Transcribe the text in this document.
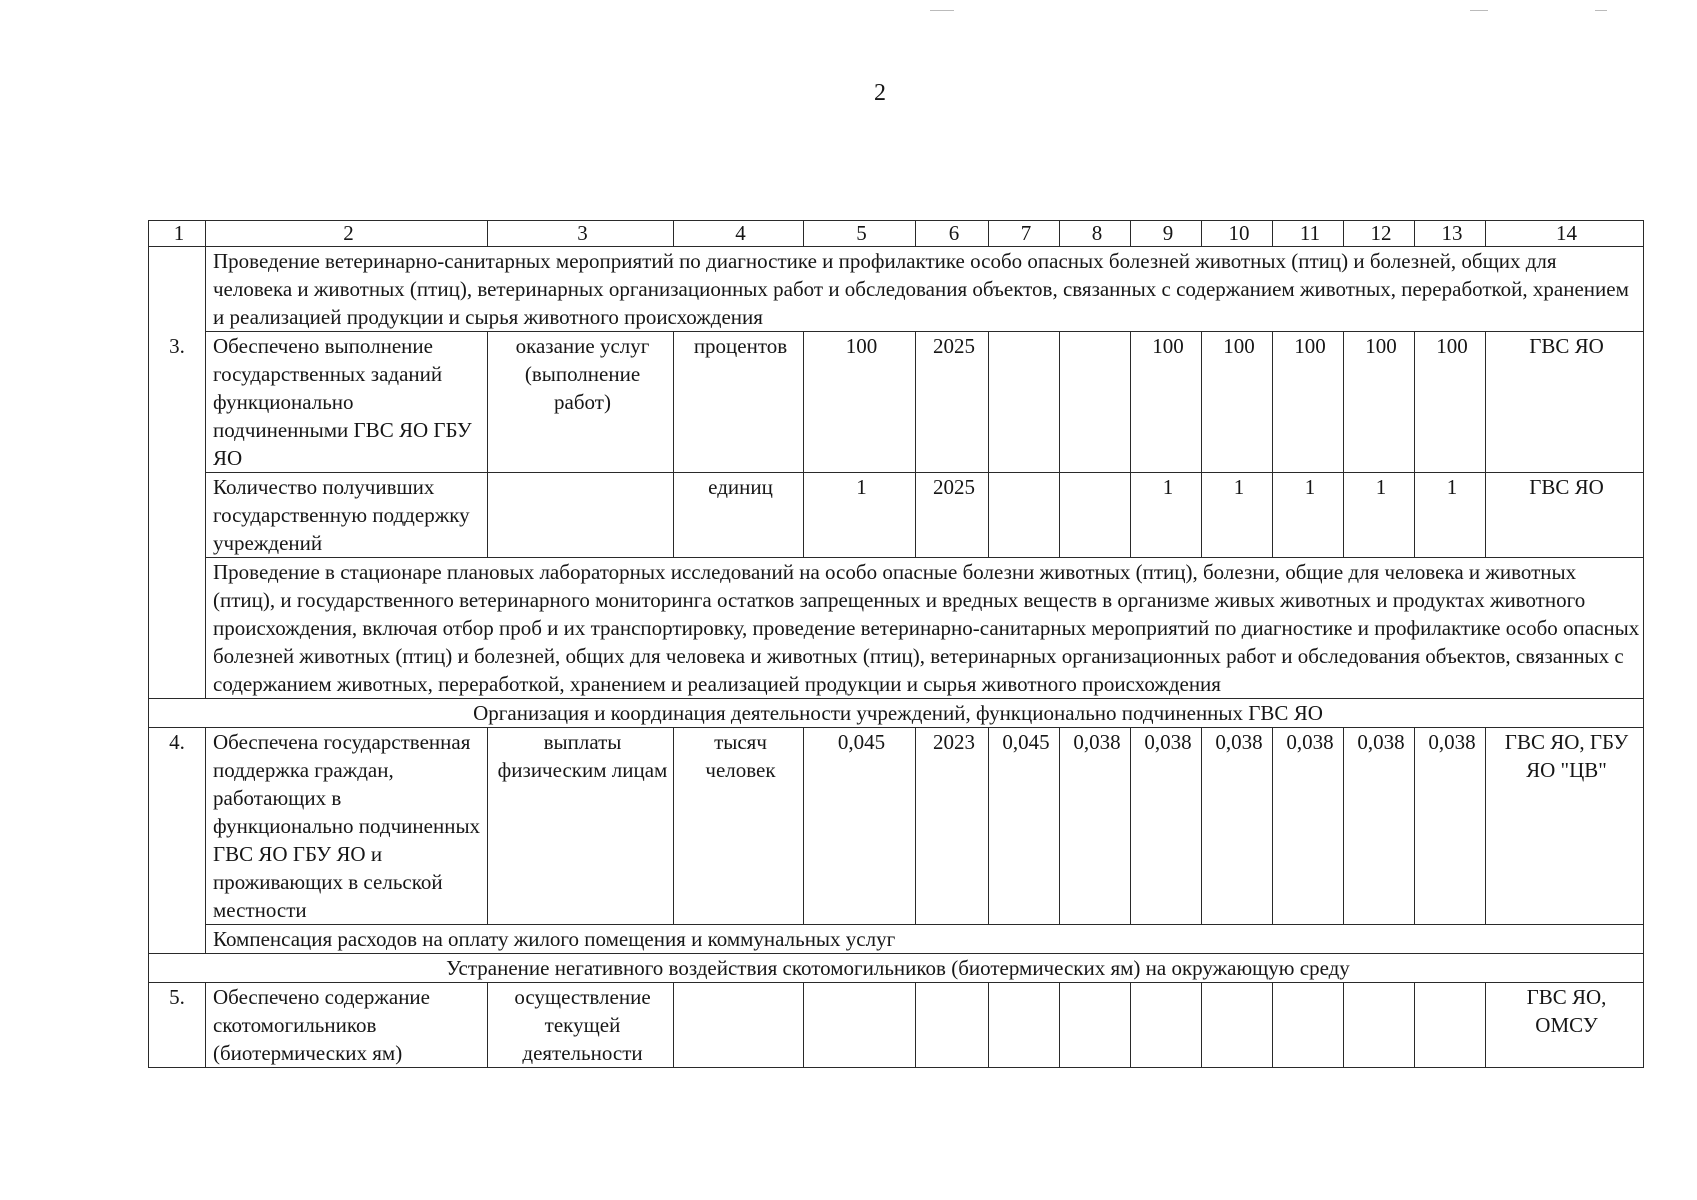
2
1	2	3	4	5	6	7	8	9	10	11	12	13	14
	Проведение ветеринарно-санитарных мероприятий по диагностике и профилактике особо опасных болезней животных (птиц) и болезней, общих для человека и животных (птиц), ветеринарных организационных работ и обследования объектов, связанных с содержанием животных, переработкой, хранением и реализацией продукции и сырья животного происхождения												
3.	Обеспечено выполнение государственных заданий функционально подчиненными ГВС ЯО ГБУ ЯО	оказание услуг (выполнение работ)	процентов	100	2025			100	100	100	100	100	ГВС ЯО
	Количество получивших государственную поддержку учреждений		единиц	1	2025			1	1	1	1	1	ГВС ЯО
	Проведение в стационаре плановых лабораторных исследований на особо опасные болезни животных (птиц), болезни, общие для человека и животных (птиц), и государственного ветеринарного мониторинга остатков запрещенных и вредных веществ в организме живых животных и продуктах животного происхождения, включая отбор проб и их транспортировку, проведение ветеринарно-санитарных мероприятий по диагностике и профилактике особо опасных болезней животных (птиц) и болезней, общих для человека и животных (птиц), ветеринарных организационных работ и обследования объектов, связанных с содержанием животных, переработкой, хранением и реализацией продукции и сырья животного происхождения												
Организация и координация деятельности учреждений, функционально подчиненных ГВС ЯО													
4.	Обеспечена государственная поддержка граждан, работающих в функционально подчиненных ГВС ЯО ГБУ ЯО и проживающих в сельской местности	выплаты физическим лицам	тысяч человек	0,045	2023	0,045	0,038	0,038	0,038	0,038	0,038	0,038	ГВС ЯО, ГБУ ЯО "ЦВ"
	Компенсация расходов на оплату жилого помещения и коммунальных услуг												
Устранение негативного воздействия скотомогильников (биотермических ям) на окружающую среду													
5.	Обеспечено содержание скотомогильников (биотермических ям)	осуществление текущей деятельности											ГВС ЯО, ОМСУ
